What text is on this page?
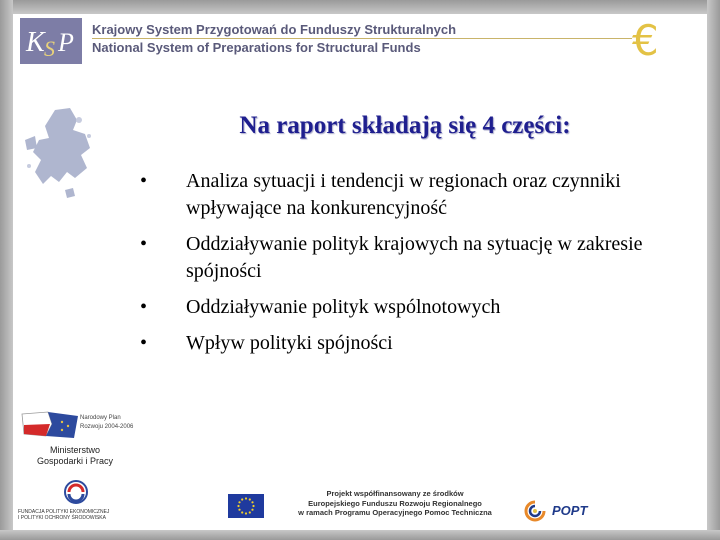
K S P Krajowy System Przygotowań do Funduszy Strukturalnych
National System of Preparations for Structural Funds	€
Na raport składają się 4 części:
• Analiza sytuacji i tendencji w regionach oraz czynniki wpływające na konkurencyjność
• Oddziaływanie polityk krajowych na sytuację w zakresie spójności
• Oddziaływanie polityk wspólnotowych
• Wpływ polityki spójności
Narodowy Plan
Rozwoju 2004-2006
Ministerstwo
Gospodarki i Pracy
FUNDACJA POLITYKI EKONOMICZNEJ
I POLITYKI OCHRONY ŚRODOWISKA
Projekt współfinansowany ze środków
Europejskiego Funduszu Rozwoju Regionalnego
w ramach Programu Operacyjnego Pomoc Techniczna	POPT
